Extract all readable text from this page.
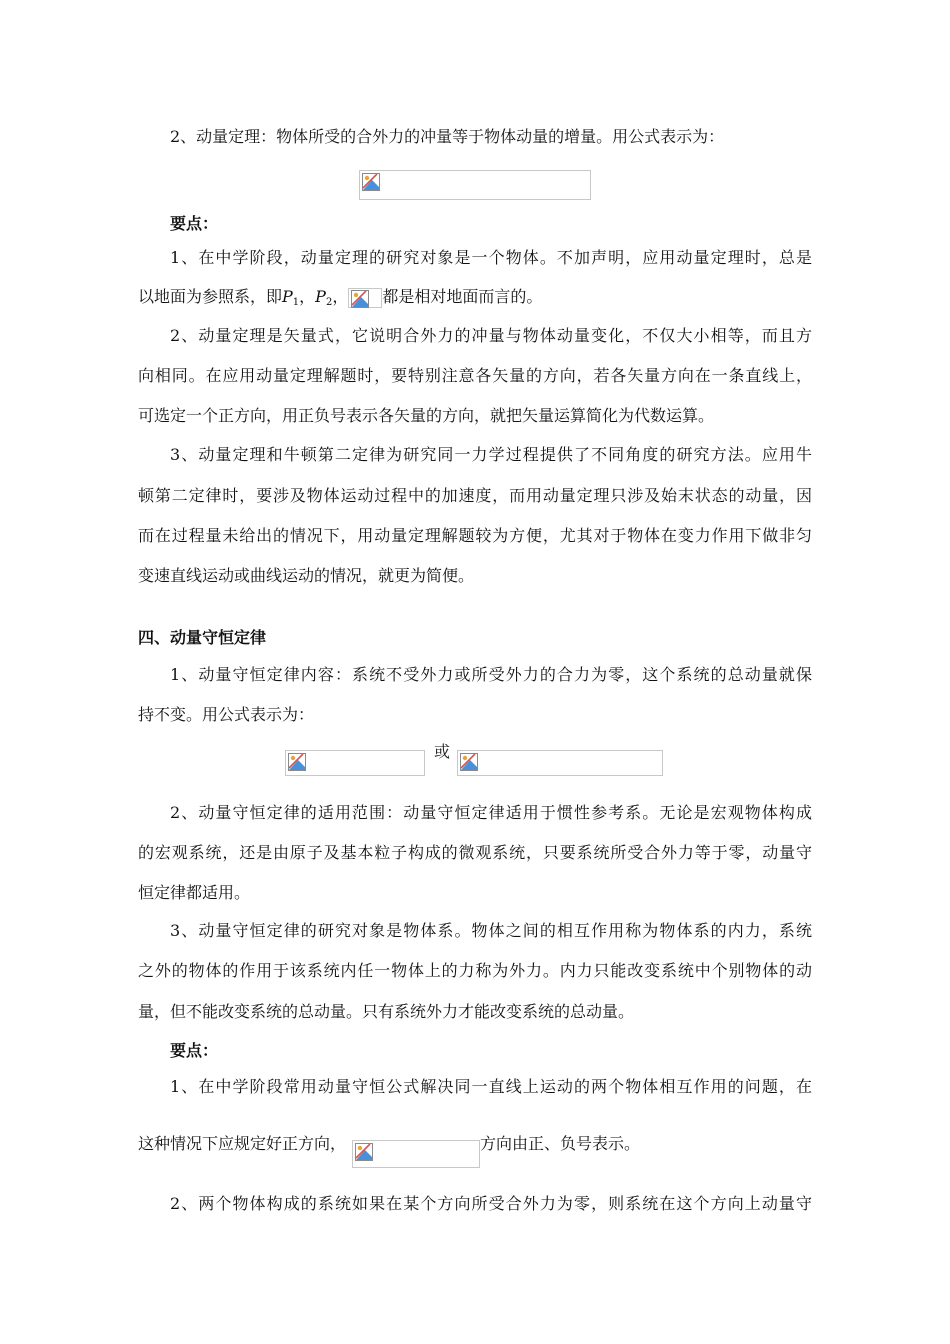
2、动量定理：物体所受的合外力的冲量等于物体动量的增量。用公式表示为：
要点：
1、在中学阶段，动量定理的研究对象是一个物体。不加声明，应用动量定理时，总是
以地面为参照系，即$P_1$，$P_2$， 都是相对地面而言的。
2、动量定理是矢量式，它说明合外力的冲量与物体动量变化，不仅大小相等，而且方
向相同。在应用动量定理解题时，要特别注意各矢量的方向，若各矢量方向在一条直线上，
可选定一个正方向，用正负号表示各矢量的方向，就把矢量运算简化为代数运算。
3、动量定理和牛顿第二定律为研究同一力学过程提供了不同角度的研究方法。应用牛
顿第二定律时，要涉及物体运动过程中的加速度，而用动量定理只涉及始末状态的动量，因
而在过程量未给出的情况下，用动量定理解题较为方便，尤其对于物体在变力作用下做非匀
变速直线运动或曲线运动的情况，就更为简便。
四、动量守恒定律
1、动量守恒定律内容：系统不受外力或所受外力的合力为零，这个系统的总动量就保
持不变。用公式表示为：
或
2、动量守恒定律的适用范围：动量守恒定律适用于惯性参考系。无论是宏观物体构成
的宏观系统，还是由原子及基本粒子构成的微观系统，只要系统所受合外力等于零，动量守
恒定律都适用。
3、动量守恒定律的研究对象是物体系。物体之间的相互作用称为物体系的内力，系统
之外的物体的作用于该系统内任一物体上的力称为外力。内力只能改变系统中个别物体的动
量，但不能改变系统的总动量。只有系统外力才能改变系统的总动量。
要点：
1、在中学阶段常用动量守恒公式解决同一直线上运动的两个物体相互作用的问题，在
这种情况下应规定好正方向，	方向由正、负号表示。
2、两个物体构成的系统如果在某个方向所受合外力为零，则系统在这个方向上动量守
